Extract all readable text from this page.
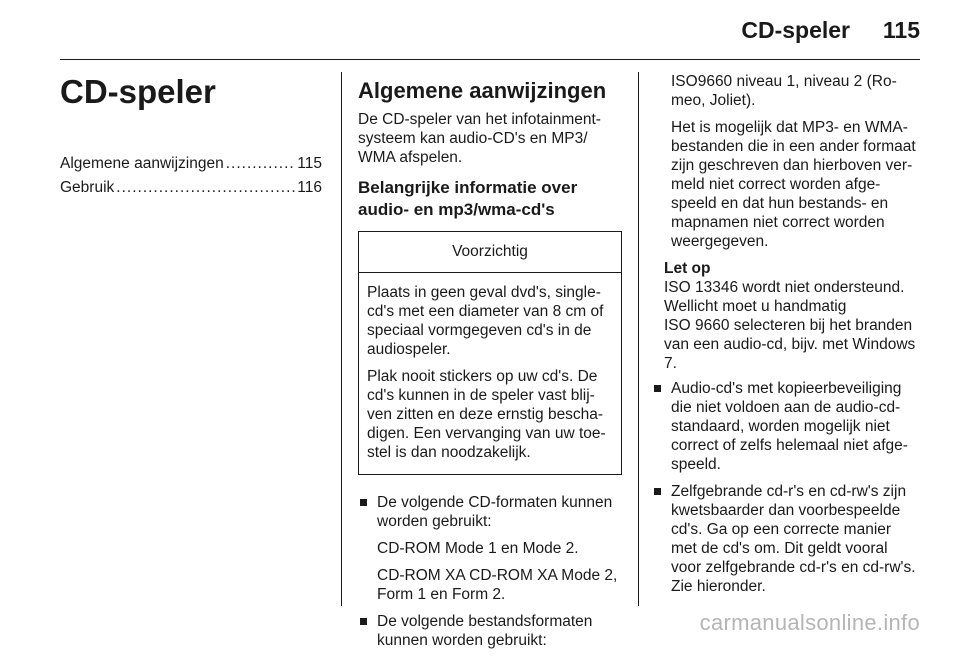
CD-speler 115
CD-speler
Algemene aanwijzingen .....	115
Gebruik .....	116
Algemene aanwijzingen

De CD-speler van het infotainment-
systeem kan audio-CD's en MP3/
WMA afspelen.

Belangrijke informatie over
audio- en mp3/wma-cd's
Voorzichtig

Plaats in geen geval dvd's, single-
cd's met een diameter van 8 cm of
speciaal vormgegeven cd's in de
audiospeler.

Plak nooit stickers op uw cd's. De
cd's kunnen in de speler vast blij-
ven zitten en deze ernstig bescha-
digen. Een vervanging van uw toe-
stel is dan noodzakelijk.

De volgende CD-formaten kunnen
worden gebruikt:
CD-ROM Mode 1 en Mode 2.
CD-ROM XA CD-ROM XA Mode 2,
Form 1 en Form 2.
De volgende bestandsformaten
kunnen worden gebruikt:
ISO9660 niveau 1, niveau 2 (Ro-
meo, Joliet).
Het is mogelijk dat MP3- en WMA-
bestanden die in een ander formaat
zijn geschreven dan hierboven ver-
meld niet correct worden afge-
speeld en dat hun bestands- en
mapnamen niet correct worden
weergegeven.
Let op

ISO 13346 wordt niet ondersteund.
Wellicht moet u handmatig
ISO 9660 selecteren bij het branden
van een audio-cd, bijv. met Windows
7.

Audio-cd's met kopieerbeveiliging
die niet voldoen aan de audio-cd-
standaard, worden mogelijk niet
correct of zelfs helemaal niet afge-
speeld.
Zelfgebrande cd-r's en cd-rw's zijn
kwetsbaarder dan voorbespeelde
cd's. Ga op een correcte manier
met de cd's om. Dit geldt vooral
voor zelfgebrande cd-r's en cd-rw's.
Zie hieronder.
carmanualsonline.info
